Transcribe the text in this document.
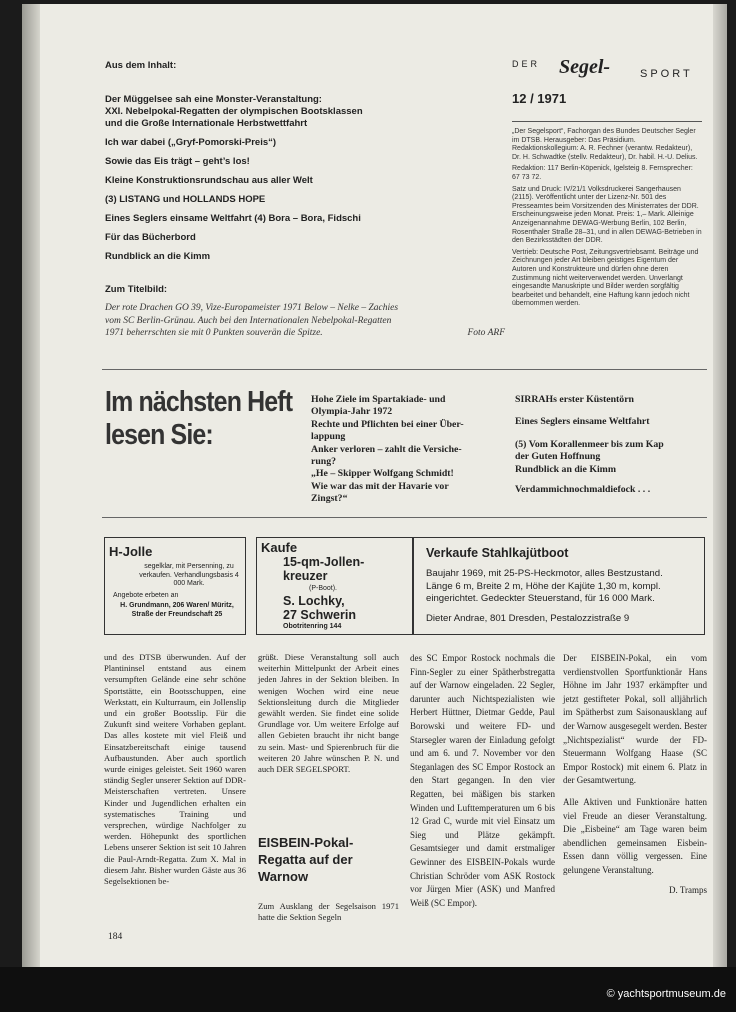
Aus dem Inhalt:
Der Müggelsee sah eine Monster-Veranstaltung:
XXI. Nebelpokal-Regatten der olympischen Bootsklassen
und die Große Internationale Herbstwettfahrt
Ich war dabei („Gryf-Pomorski-Preis“)
Sowie das Eis trägt – geht’s los!
Kleine Konstruktionsrundschau aus aller Welt
(3) LISTANG und HOLLANDS HOPE
Eines Seglers einsame Weltfahrt (4) Bora – Bora, Fidschi
Für das Bücherbord
Rundblick an die Kimm
Zum Titelbild:
Der rote Drachen GO 39, Vize-Europameister 1971 Below – Nelke – Zachies
vom SC Berlin-Grünau. Auch bei den Internationalen Nebelpokal-Regatten
1971 beherrschten sie mit 0 Punkten souverän die Spitze.	Foto ARF
DER Segel-	SPORT
12 / 1971

„Der Segelsport“, Fachorgan des Bundes Deutscher Segler im DTSB. Herausgeber: Das Präsidium. Redaktionskollegium: A. R. Fechner (verantw. Redakteur), Dr. H. Schwadtke (stellv. Redakteur), Dr. habil. H.-U. Delius.

Redaktion: 117 Berlin-Köpenick, Igelsteig 8. Fernsprecher: 67 73 72.

Satz und Druck: IV/21/1 Volksdruckerei Sangerhausen (2115). Veröffentlicht unter der Lizenz-Nr. 501 des Presseamtes beim Vorsitzenden des Ministerrates der DDR. Erscheinungsweise jeden Monat. Preis: 1,– Mark. Alleinige Anzeigenannahme DEWAG-Werbung Berlin, 102 Berlin, Rosenthaler Straße 28–31, und in allen DEWAG-Betrieben in den Bezirksstädten der DDR.

Vertrieb: Deutsche Post, Zeitungsvertriebsamt. Beiträge und Zeichnungen jeder Art bleiben geistiges Eigentum der Autoren und Konstrukteure und dürfen ohne deren Zustimmung nicht weiterverwendet werden. Unverlangt eingesandte Manuskripte und Bilder werden sorgfältig bearbeitet und behandelt, eine Haftung kann jedoch nicht übernommen werden.

Im nächsten Heft
lesen Sie:
Hohe Ziele im Spartakiade- und
Olympia-Jahr 1972
Rechte und Pflichten bei einer Über-
lappung
Anker verloren – zahlt die Versiche-
rung?
„He – Skipper Wolfgang Schmidt!
Wie war das mit der Havarie vor
Zingst?“
SIRRAHs erster Küstentörn
Eines Seglers einsame Weltfahrt
(5) Vom Korallenmeer bis zum Kap
der Guten Hoffnung
Rundblick an die Kimm
Verdammichnochmaldiefock . . .
H-Jolle
segelklar, mit Persenning, zu verkaufen. Verhandlungsbasis 4 000 Mark.
Angebote erbeten an
H. Grundmann, 206 Waren/ Müritz, Straße der Freundschaft 25
Kaufe
15-qm-Jollen-
kreuzer
(P-Boot).
S. Lochky,
27 Schwerin
Obotritenring 144
Verkaufe Stahlkajütboot
Baujahr 1969, mit 25-PS-Heckmotor, alles Bestzustand.
Länge 6 m, Breite 2 m, Höhe der Kajüte 1,30 m, kompl.
eingerichtet. Gedeckter Steuerstand, für 16 000 Mark.
Dieter Andrae, 801 Dresden, Pestalozzistraße 9

und des DTSB überwunden. Auf der Plantininsel entstand aus einem versumpften Gelände eine sehr schöne Sportstätte, ein Bootsschuppen, eine Werkstatt, ein Kulturraum, ein Jollenslip und ein großer Bootsslip. Für die Zukunft sind weitere Vorhaben geplant. Das alles kostete mit viel Fleiß und Einsatzbereitschaft einige tausend Aufbaustunden. Aber auch sportlich wurde einiges geleistet. Seit 1960 waren ständig Segler unserer Sektion auf DDR-Meisterschaften vertreten. Unsere Kinder und Jugendlichen erhalten ein systematisches Training und versprechen, würdige Nachfolger zu werden. Höhepunkt des sportlichen Lebens unserer Sektion ist seit 10 Jahren die Paul-Arndt-Regatta. Zum X. Mal in diesem Jahr. Bisher wurden Gäste aus 36 Segelsektionen be-

grüßt. Diese Veranstaltung soll auch weiterhin Mittelpunkt der Arbeit eines jeden Jahres in der Sektion bleiben. In wenigen Wochen wird eine neue Sektionsleitung durch die Mitglieder gewählt werden. Sie findet eine solide Grundlage vor. Um weitere Erfolge auf allen Gebieten braucht ihr nicht bange zu sein. Mast- und Spierenbruch für die weiteren 20 Jahre wünschen P. N. und auch DER SEGELSPORT.

EISBEIN-Pokal-Regatta auf der Warnow

Zum Ausklang der Segelsaison 1971 hatte die Sektion Segeln

des SC Empor Rostock nochmals die Finn-Segler zu einer Spätherbstregatta auf der Warnow eingeladen. 22 Segler, darunter auch Nichtspezialisten wie Herbert Hüttner, Dietmar Gedde, Paul Borowski und weitere FD- und Starsegler waren der Einladung gefolgt und am 6. und 7. November vor den Steganlagen des SC Empor Rostock an den Start gegangen. In den vier Regatten, bei mäßigen bis starken Winden und Lufttemperaturen um 6 bis 12 Grad C, wurde mit viel Einsatz um Sieg und Plätze gekämpft. Gesamtsieger und damit erstmaliger Gewinner des EISBEIN-Pokals wurde Christian Schröder vom ASK Rostock vor Jürgen Mier (ASK) und Manfred Weiß (SC Empor).

Der EISBEIN-Pokal, ein vom verdienstvollen Sportfunktionär Hans Höhne im Jahr 1937 erkämpfter und jetzt gestifteter Pokal, soll alljährlich im Spätherbst zum Saisonausklang auf der Warnow ausgesegelt werden. Bester „Nichtspezialist“ wurde der FD-Steuermann Wolfgang Haase (SC Empor Rostock) mit einem 6. Platz in der Gesamtwertung.

Alle Aktiven und Funktionäre hatten viel Freude an dieser Veranstaltung. Die „Eisbeine“ am Tage waren beim abendlichen gemeinsamen Eisbein-Essen dann völlig vergessen. Eine gelungene Veranstaltung.

D. Tramps

184
© yachtsportmuseum.de
